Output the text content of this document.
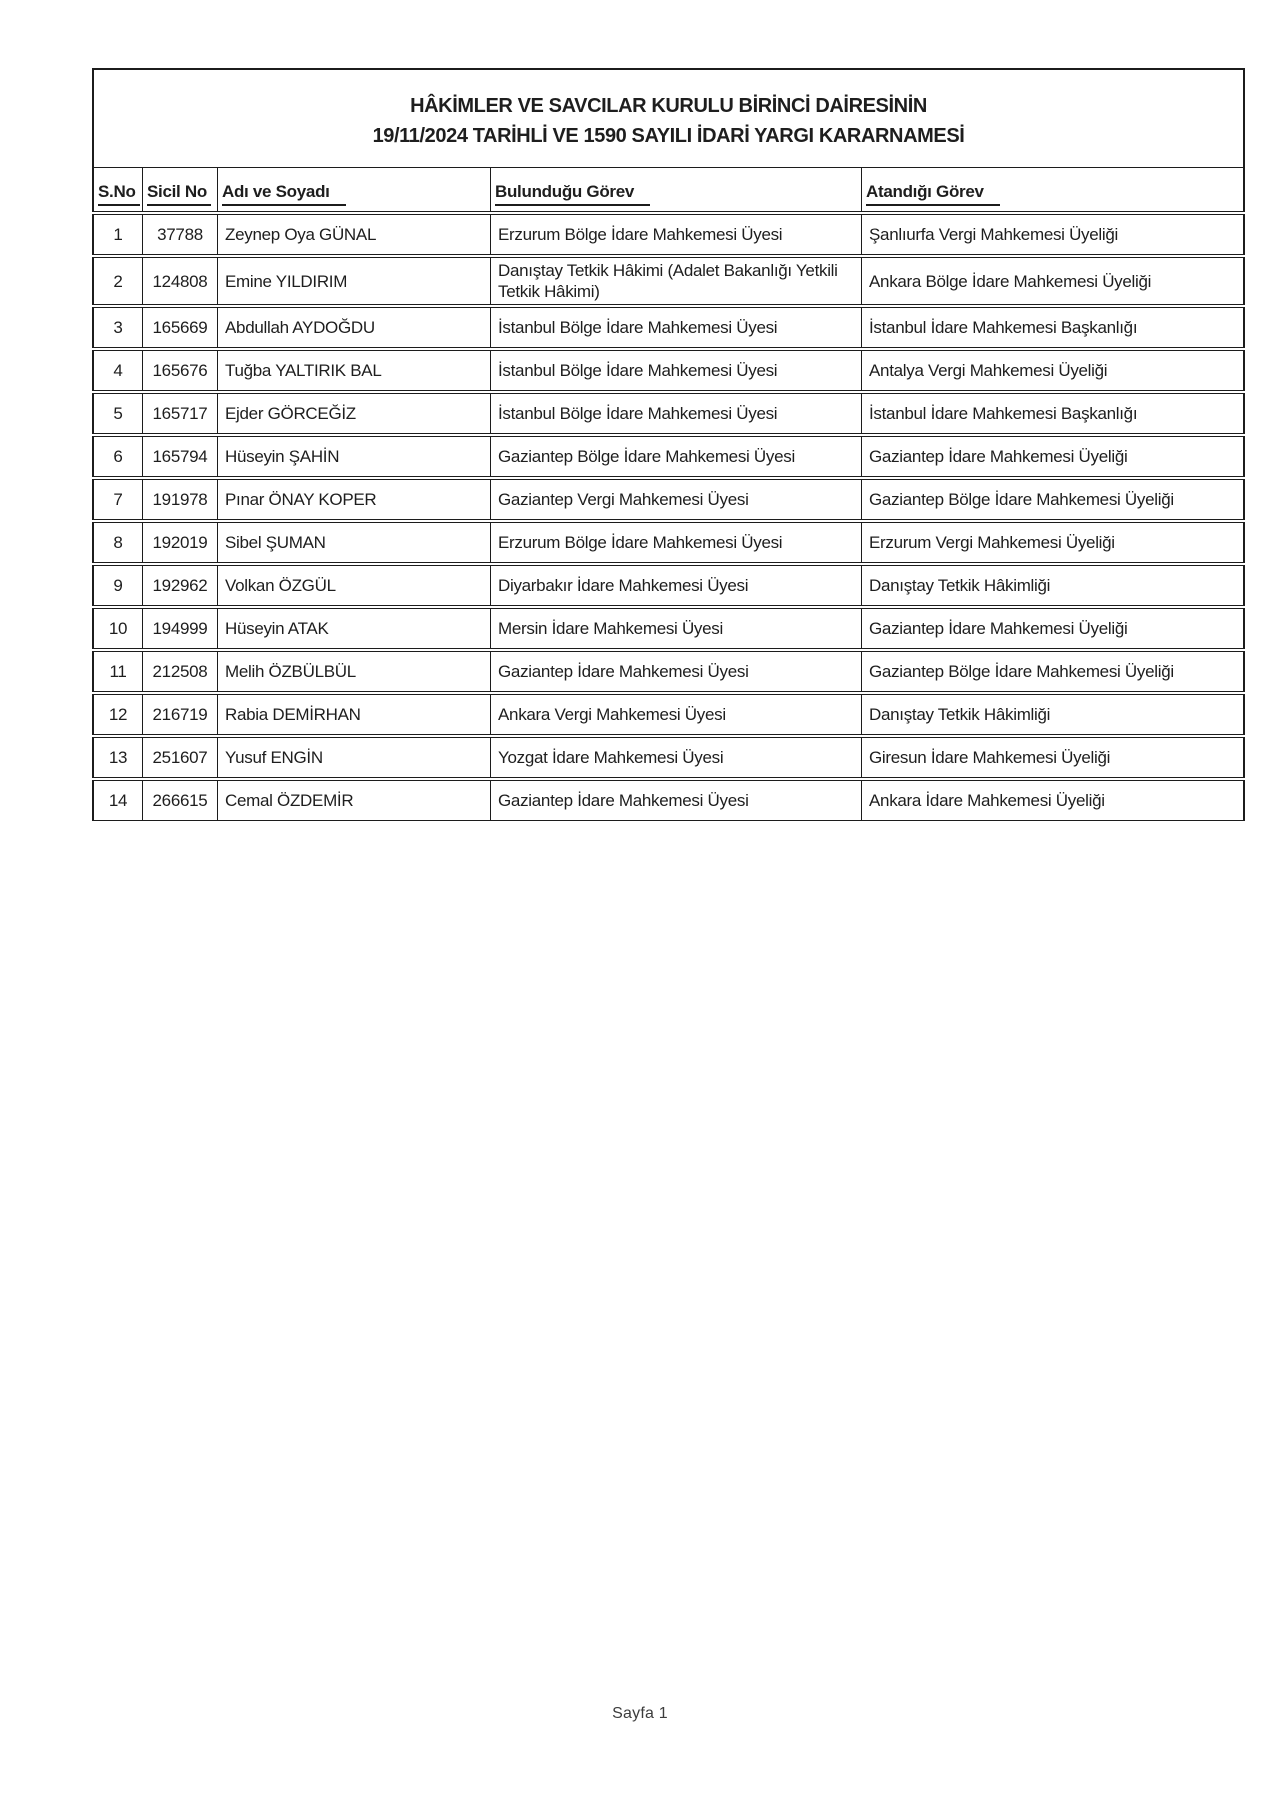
HÂKİMLER VE SAVCILAR KURULU BİRİNCİ DAİRESİNİN
19/11/2024 TARİHLİ VE 1590 SAYILI İDARİ YARGI KARARNAMESİ
S.No	Sicil No	Adı ve Soyadı	Bulunduğu Görev	Atandığı Görev
1	37788	Zeynep Oya GÜNAL	Erzurum Bölge İdare Mahkemesi Üyesi	Şanlıurfa Vergi Mahkemesi Üyeliği
2	124808	Emine YILDIRIM	Danıştay Tetkik Hâkimi (Adalet Bakanlığı Yetkili Tetkik Hâkimi)	Ankara Bölge İdare Mahkemesi Üyeliği
3	165669	Abdullah AYDOĞDU	İstanbul Bölge İdare Mahkemesi Üyesi	İstanbul İdare Mahkemesi Başkanlığı
4	165676	Tuğba YALTIRIK BAL	İstanbul Bölge İdare Mahkemesi Üyesi	Antalya Vergi Mahkemesi Üyeliği
5	165717	Ejder GÖRCEĞİZ	İstanbul Bölge İdare Mahkemesi Üyesi	İstanbul İdare Mahkemesi Başkanlığı
6	165794	Hüseyin ŞAHİN	Gaziantep Bölge İdare Mahkemesi Üyesi	Gaziantep İdare Mahkemesi Üyeliği
7	191978	Pınar ÖNAY KOPER	Gaziantep Vergi Mahkemesi Üyesi	Gaziantep Bölge İdare Mahkemesi Üyeliği
8	192019	Sibel ŞUMAN	Erzurum Bölge İdare Mahkemesi Üyesi	Erzurum Vergi Mahkemesi Üyeliği
9	192962	Volkan ÖZGÜL	Diyarbakır İdare Mahkemesi Üyesi	Danıştay Tetkik Hâkimliği
10	194999	Hüseyin ATAK	Mersin İdare Mahkemesi Üyesi	Gaziantep İdare Mahkemesi Üyeliği
11	212508	Melih ÖZBÜLBÜL	Gaziantep İdare Mahkemesi Üyesi	Gaziantep Bölge İdare Mahkemesi Üyeliği
12	216719	Rabia DEMİRHAN	Ankara Vergi Mahkemesi Üyesi	Danıştay Tetkik Hâkimliği
13	251607	Yusuf ENGİN	Yozgat İdare Mahkemesi Üyesi	Giresun İdare Mahkemesi Üyeliği
14	266615	Cemal ÖZDEMİR	Gaziantep İdare Mahkemesi Üyesi	Ankara İdare Mahkemesi Üyeliği
Sayfa 1
